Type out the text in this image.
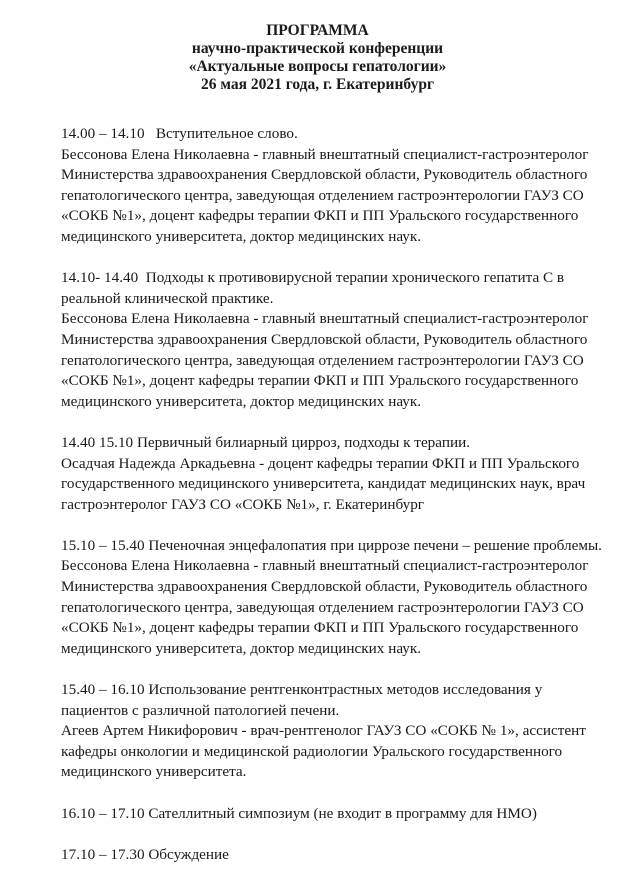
ПРОГРАММА
научно-практической конференции
«Актуальные вопросы гепатологии»
26 мая 2021 года, г. Екатеринбург

14.00 – 14.10 Вступительное слово.

Бессонова Елена Николаевна - главный внештатный специалист-гастроэнтеролог

Министерства здравоохранения Свердловской области, Руководитель областного

гепатологического центра, заведующая отделением гастроэнтерологии ГАУЗ СО

«СОКБ №1», доцент кафедры терапии ФКП и ПП Уральского государственного

медицинского университета, доктор медицинских наук.

14.10- 14.40 Подходы к противовирусной терапии хронического гепатита С в

реальной клинической практике.

Бессонова Елена Николаевна - главный внештатный специалист-гастроэнтеролог

Министерства здравоохранения Свердловской области, Руководитель областного

гепатологического центра, заведующая отделением гастроэнтерологии ГАУЗ СО

«СОКБ №1», доцент кафедры терапии ФКП и ПП Уральского государственного

медицинского университета, доктор медицинских наук.

14.40 15.10 Первичный билиарный цирроз, подходы к терапии.

Осадчая Надежда Аркадьевна - доцент кафедры терапии ФКП и ПП Уральского

государственного медицинского университета, кандидат медицинских наук, врач

гастроэнтеролог ГАУЗ СО «СОКБ №1», г. Екатеринбург

15.10 – 15.40 Печеночная энцефалопатия при циррозе печени – решение проблемы.

Бессонова Елена Николаевна - главный внештатный специалист-гастроэнтеролог

Министерства здравоохранения Свердловской области, Руководитель областного

гепатологического центра, заведующая отделением гастроэнтерологии ГАУЗ СО

«СОКБ №1», доцент кафедры терапии ФКП и ПП Уральского государственного

медицинского университета, доктор медицинских наук.

15.40 – 16.10 Использование рентгенконтрастных методов исследования у

пациентов с различной патологией печени.

Агеев Артем Никифорович - врач-рентгенолог ГАУЗ СО «СОКБ № 1», ассистент

кафедры онкологии и медицинской радиологии Уральского государственного

медицинского университета.

16.10 – 17.10 Сателлитный симпозиум (не входит в программу для НМО)

17.10 – 17.30 Обсуждение
